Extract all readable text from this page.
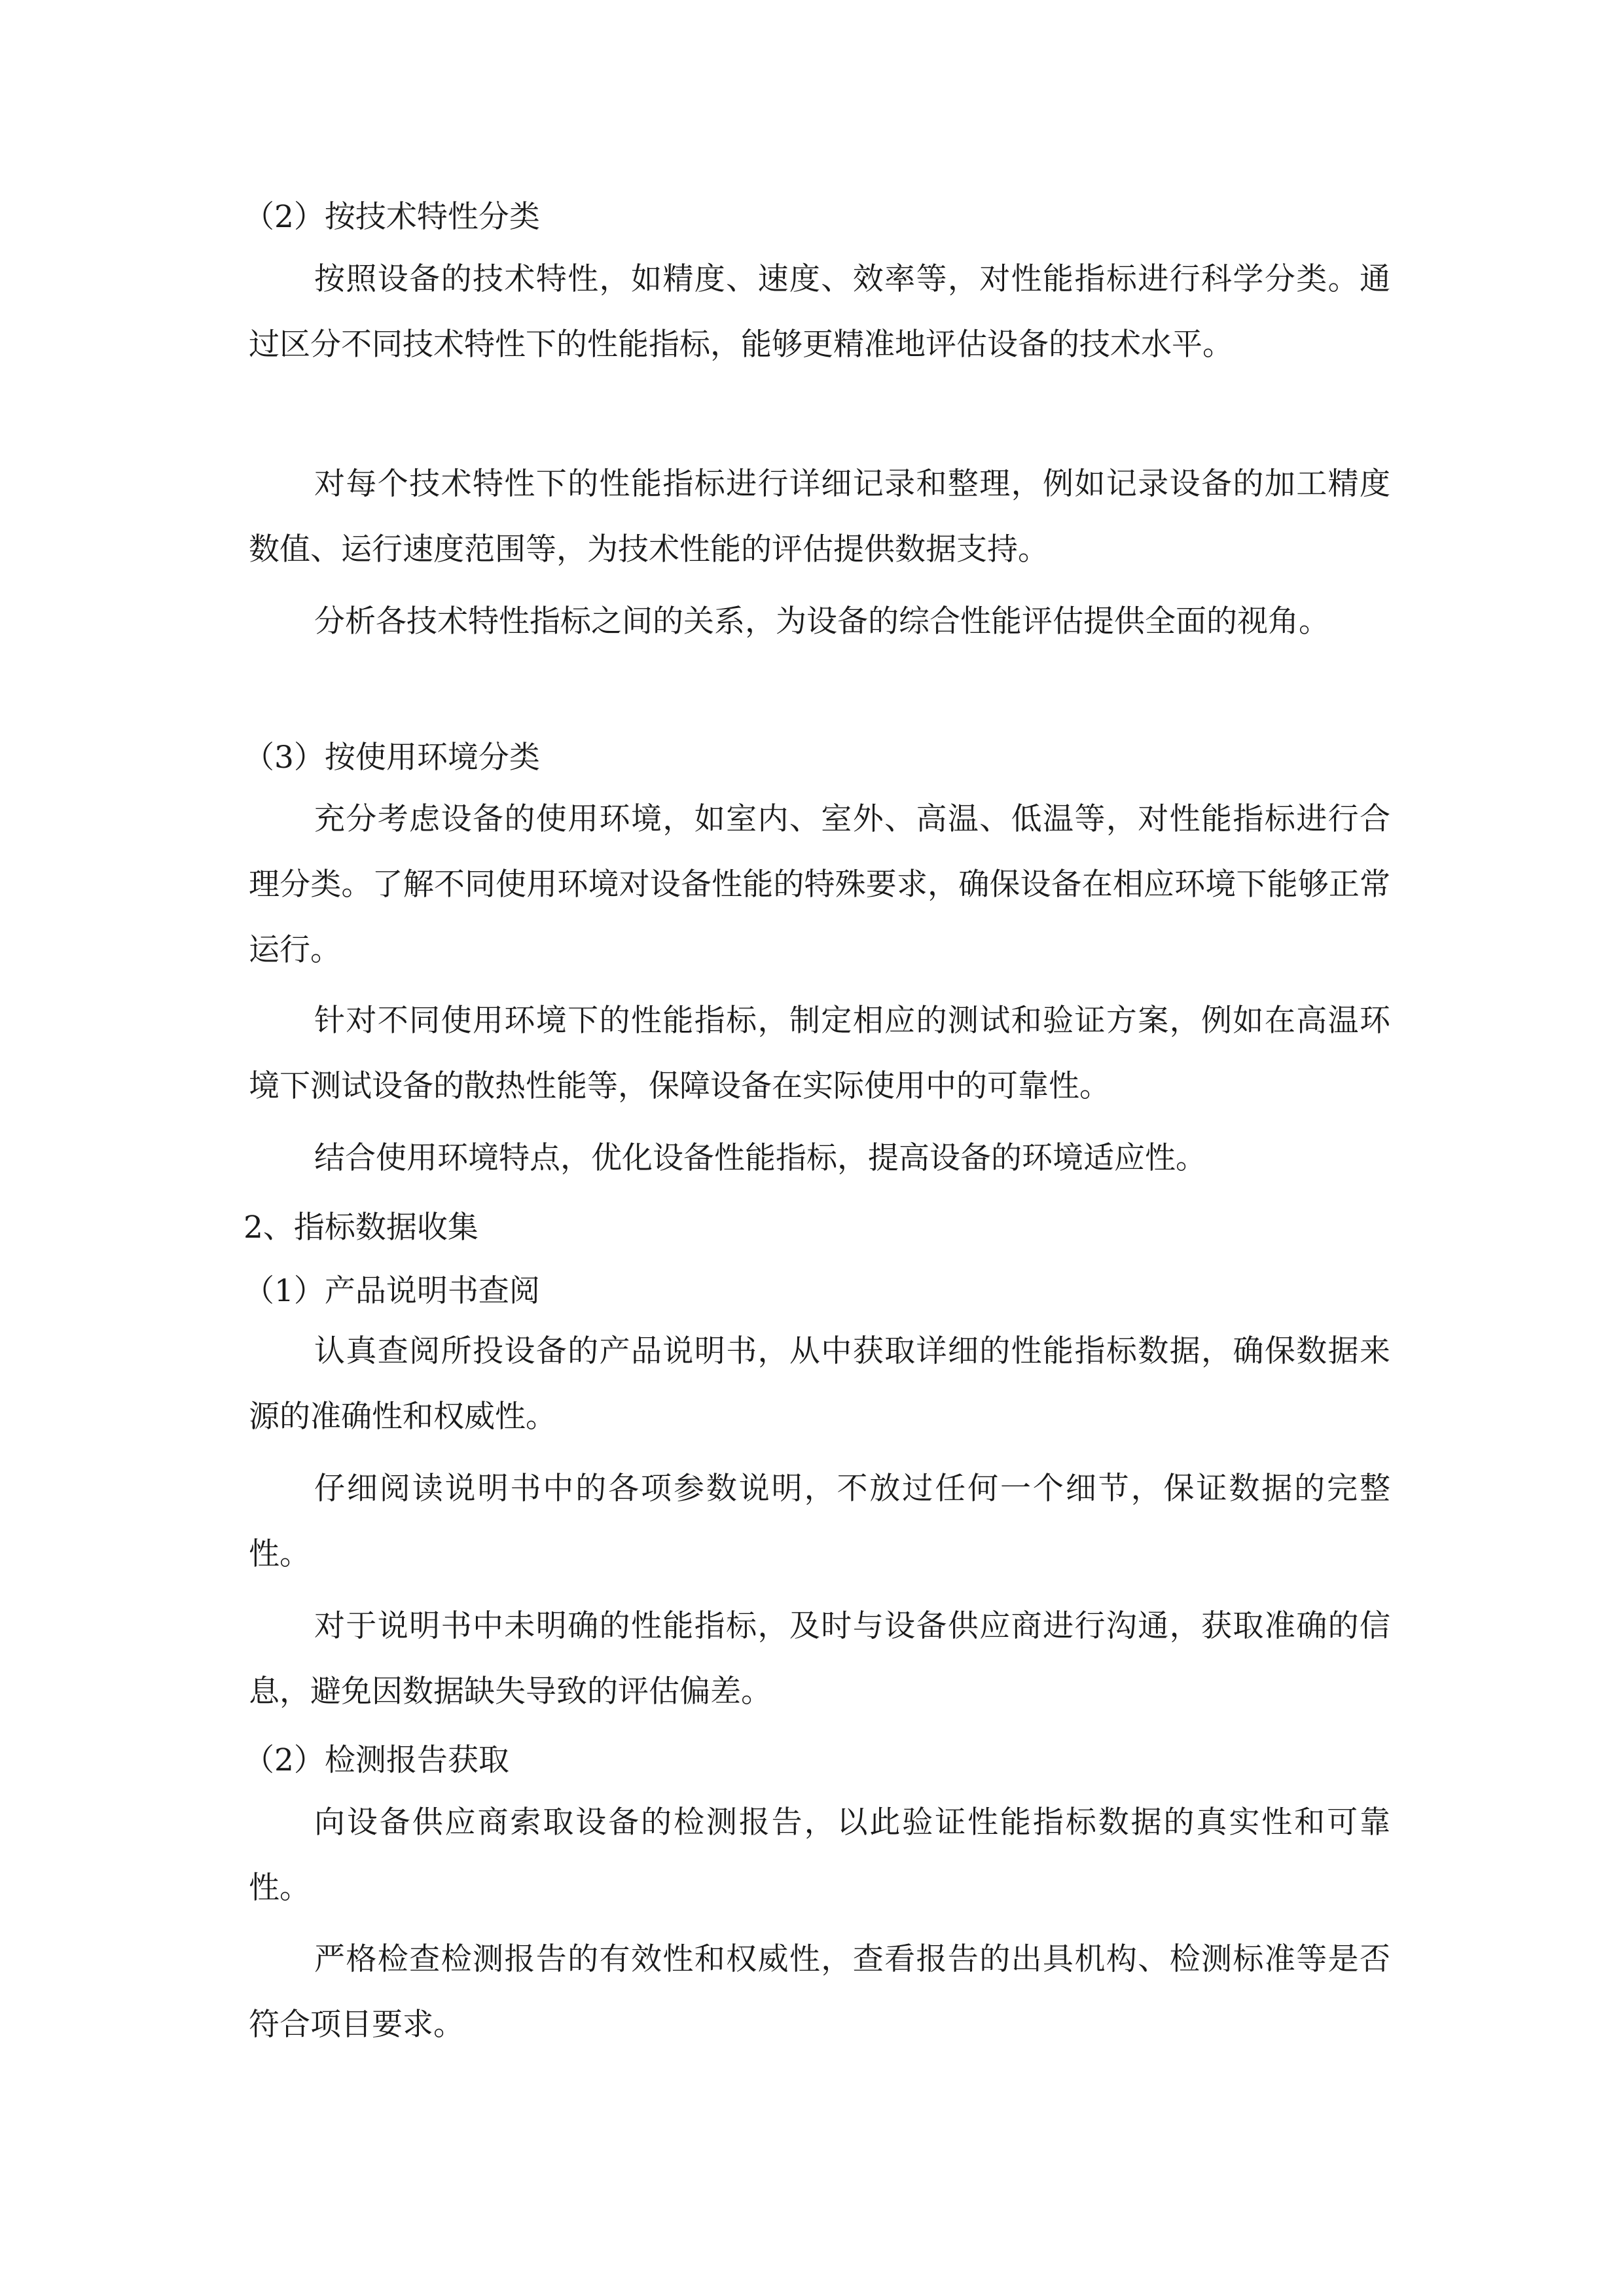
（2）按技术特性分类

按照设备的技术特性，如精度、速度、效率等，对性能指标进行科学分类。通过区分不同技术特性下的性能指标，能够更精准地评估设备的技术水平。

对每个技术特性下的性能指标进行详细记录和整理，例如记录设备的加工精度数值、运行速度范围等，为技术性能的评估提供数据支持。

分析各技术特性指标之间的关系，为设备的综合性能评估提供全面的视角。

（3）按使用环境分类

充分考虑设备的使用环境，如室内、室外、高温、低温等，对性能指标进行合理分类。了解不同使用环境对设备性能的特殊要求，确保设备在相应环境下能够正常运行。

针对不同使用环境下的性能指标，制定相应的测试和验证方案，例如在高温环境下测试设备的散热性能等，保障设备在实际使用中的可靠性。

结合使用环境特点，优化设备性能指标，提高设备的环境适应性。

2、指标数据收集
（1）产品说明书查阅

认真查阅所投设备的产品说明书，从中获取详细的性能指标数据，确保数据来源的准确性和权威性。

仔细阅读说明书中的各项参数说明，不放过任何一个细节，保证数据的完整性。

对于说明书中未明确的性能指标，及时与设备供应商进行沟通，获取准确的信息，避免因数据缺失导致的评估偏差。

（2）检测报告获取

向设备供应商索取设备的检测报告，以此验证性能指标数据的真实性和可靠性。

严格检查检测报告的有效性和权威性，查看报告的出具机构、检测标准等是否符合项目要求。
